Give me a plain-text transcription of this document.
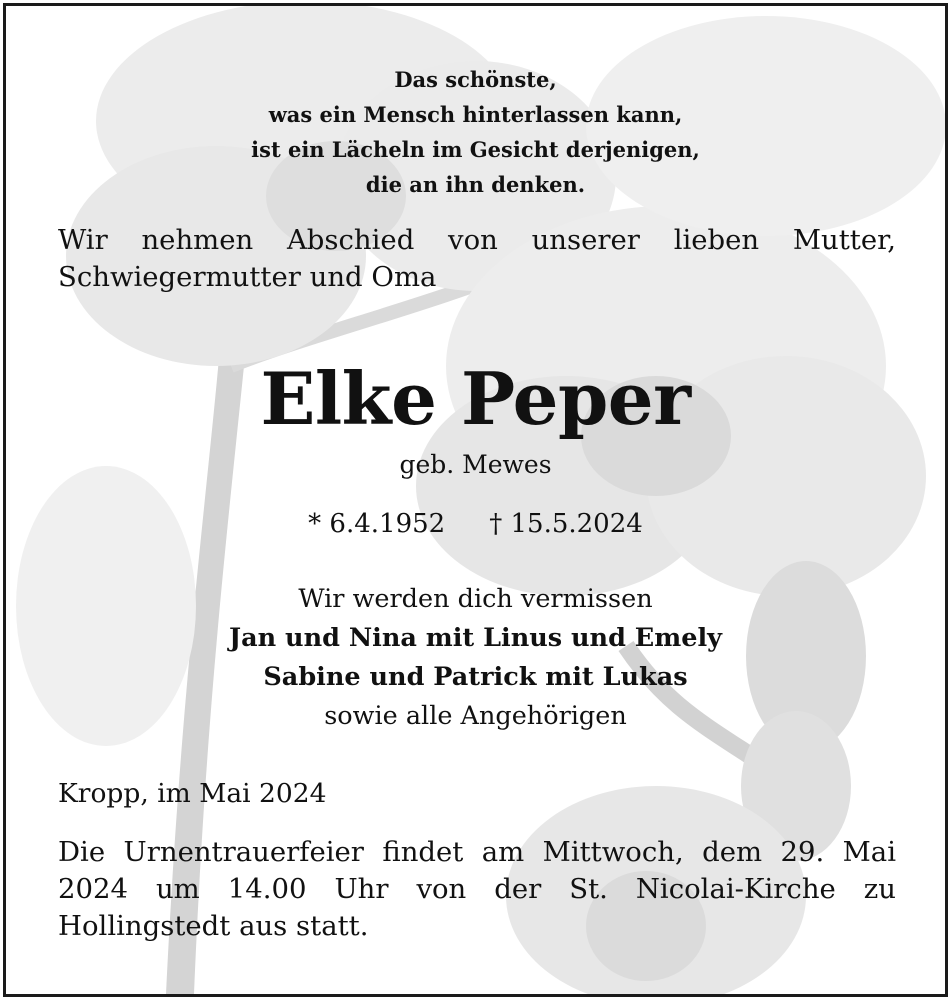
Das schönste,
was ein Mensch hinterlassen kann,
ist ein Lächeln im Gesicht derjenigen,
die an ihn denken.
Wir nehmen Abschied von unserer lieben Mutter, Schwiegermutter und Oma
Elke Peper
geb. Mewes
* 6.4.1952 † 15.5.2024
Wir werden dich vermissen
Jan und Nina mit Linus und Emely
Sabine und Patrick mit Lukas
sowie alle Angehörigen
Kropp, im Mai 2024
Die Urnentrauerfeier findet am Mittwoch, dem 29. Mai 2024 um 14.00 Uhr von der St. Nicolai-Kirche zu Hollingstedt aus statt.
